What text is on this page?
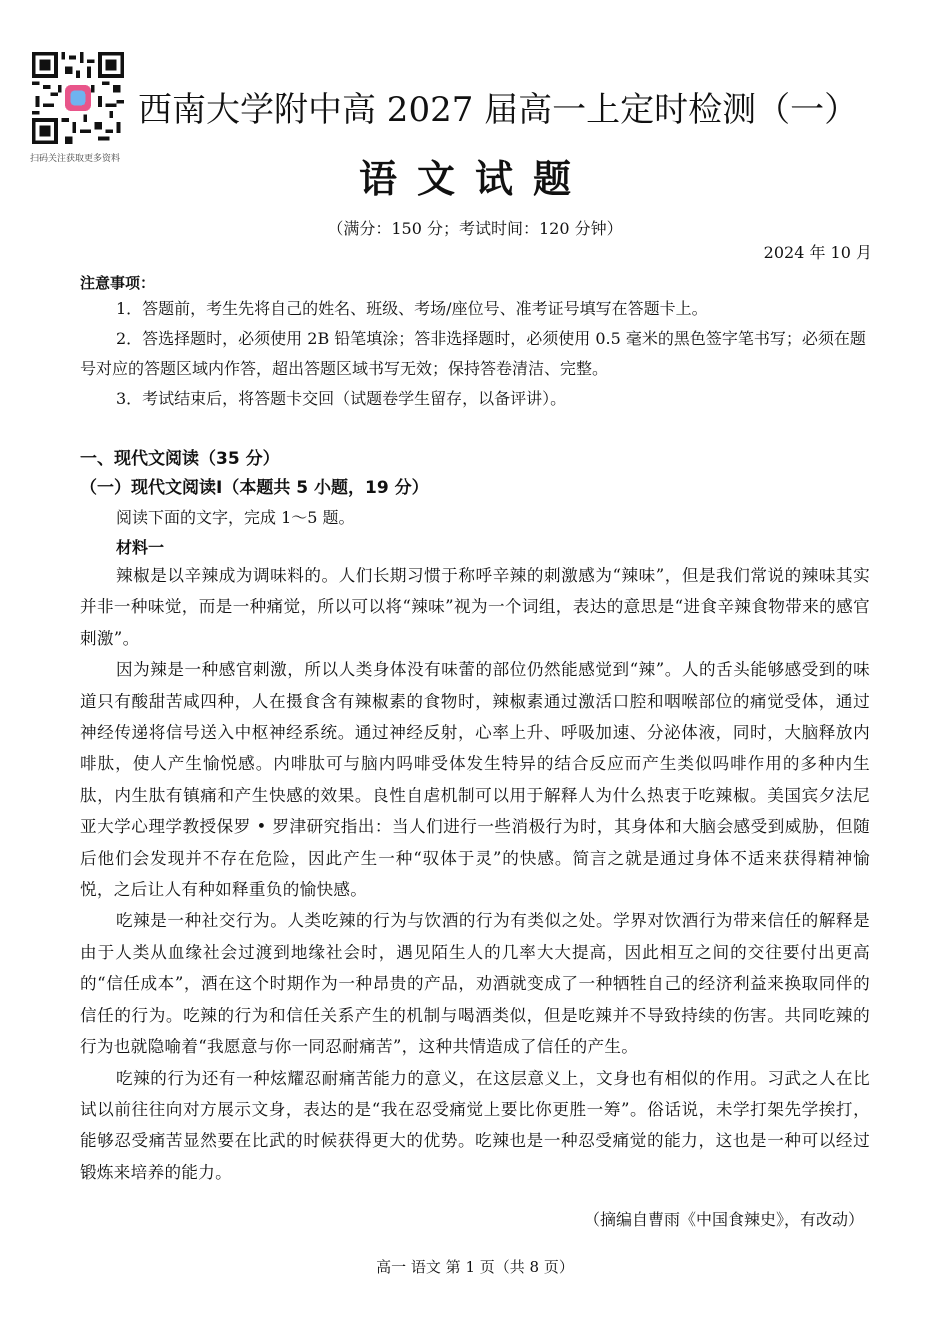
扫码关注获取更多资料
西南大学附中高 2027 届高一上定时检测（一）
语文试题
（满分：150 分；考试时间：120 分钟）
2024 年 10 月
注意事项：

1．答题前，考生先将自己的姓名、班级、考场/座位号、准考证号填写在答题卡上。

2．答选择题时，必须使用 2B 铅笔填涂；答非选择题时，必须使用 0.5 毫米的黑色签字笔书写；必须在题号对应的答题区域内作答，超出答题区域书写无效；保持答卷清洁、完整。

3．考试结束后，将答题卡交回（试题卷学生留存，以备评讲）。

一、现代文阅读（35 分）
（一）现代文阅读I（本题共 5 小题，19 分）
阅读下面的文字，完成 1～5 题。
材料一

辣椒是以辛辣成为调味料的。人们长期习惯于称呼辛辣的刺激感为“辣味”，但是我们常说的辣味其实并非一种味觉，而是一种痛觉，所以可以将“辣味”视为一个词组，表达的意思是“进食辛辣食物带来的感官刺激”。

因为辣是一种感官刺激，所以人类身体没有味蕾的部位仍然能感觉到“辣”。人的舌头能够感受到的味道只有酸甜苦咸四种，人在摄食含有辣椒素的食物时，辣椒素通过激活口腔和咽喉部位的痛觉受体，通过神经传递将信号送入中枢神经系统。通过神经反射，心率上升、呼吸加速、分泌体液，同时，大脑释放内啡肽，使人产生愉悦感。内啡肽可与脑内吗啡受体发生特异的结合反应而产生类似吗啡作用的多种内生肽，内生肽有镇痛和产生快感的效果。良性自虐机制可以用于解释人为什么热衷于吃辣椒。美国宾夕法尼亚大学心理学教授保罗 • 罗津研究指出：当人们进行一些消极行为时，其身体和大脑会感受到威胁，但随后他们会发现并不存在危险，因此产生一种“驭体于灵”的快感。简言之就是通过身体不适来获得精神愉悦，之后让人有种如释重负的愉快感。

吃辣是一种社交行为。人类吃辣的行为与饮酒的行为有类似之处。学界对饮酒行为带来信任的解释是由于人类从血缘社会过渡到地缘社会时，遇见陌生人的几率大大提高，因此相互之间的交往要付出更高的“信任成本”，酒在这个时期作为一种昂贵的产品，劝酒就变成了一种牺牲自己的经济利益来换取同伴的信任的行为。吃辣的行为和信任关系产生的机制与喝酒类似，但是吃辣并不导致持续的伤害。共同吃辣的行为也就隐喻着“我愿意与你一同忍耐痛苦”，这种共情造成了信任的产生。

吃辣的行为还有一种炫耀忍耐痛苦能力的意义，在这层意义上，文身也有相似的作用。习武之人在比试以前往往向对方展示文身，表达的是“我在忍受痛觉上要比你更胜一筹”。俗话说，未学打架先学挨打，能够忍受痛苦显然要在比武的时候获得更大的优势。吃辣也是一种忍受痛觉的能力，这也是一种可以经过锻炼来培养的能力。

（摘编自曹雨《中国食辣史》，有改动）
高一 语文 第 1 页（共 8 页）
